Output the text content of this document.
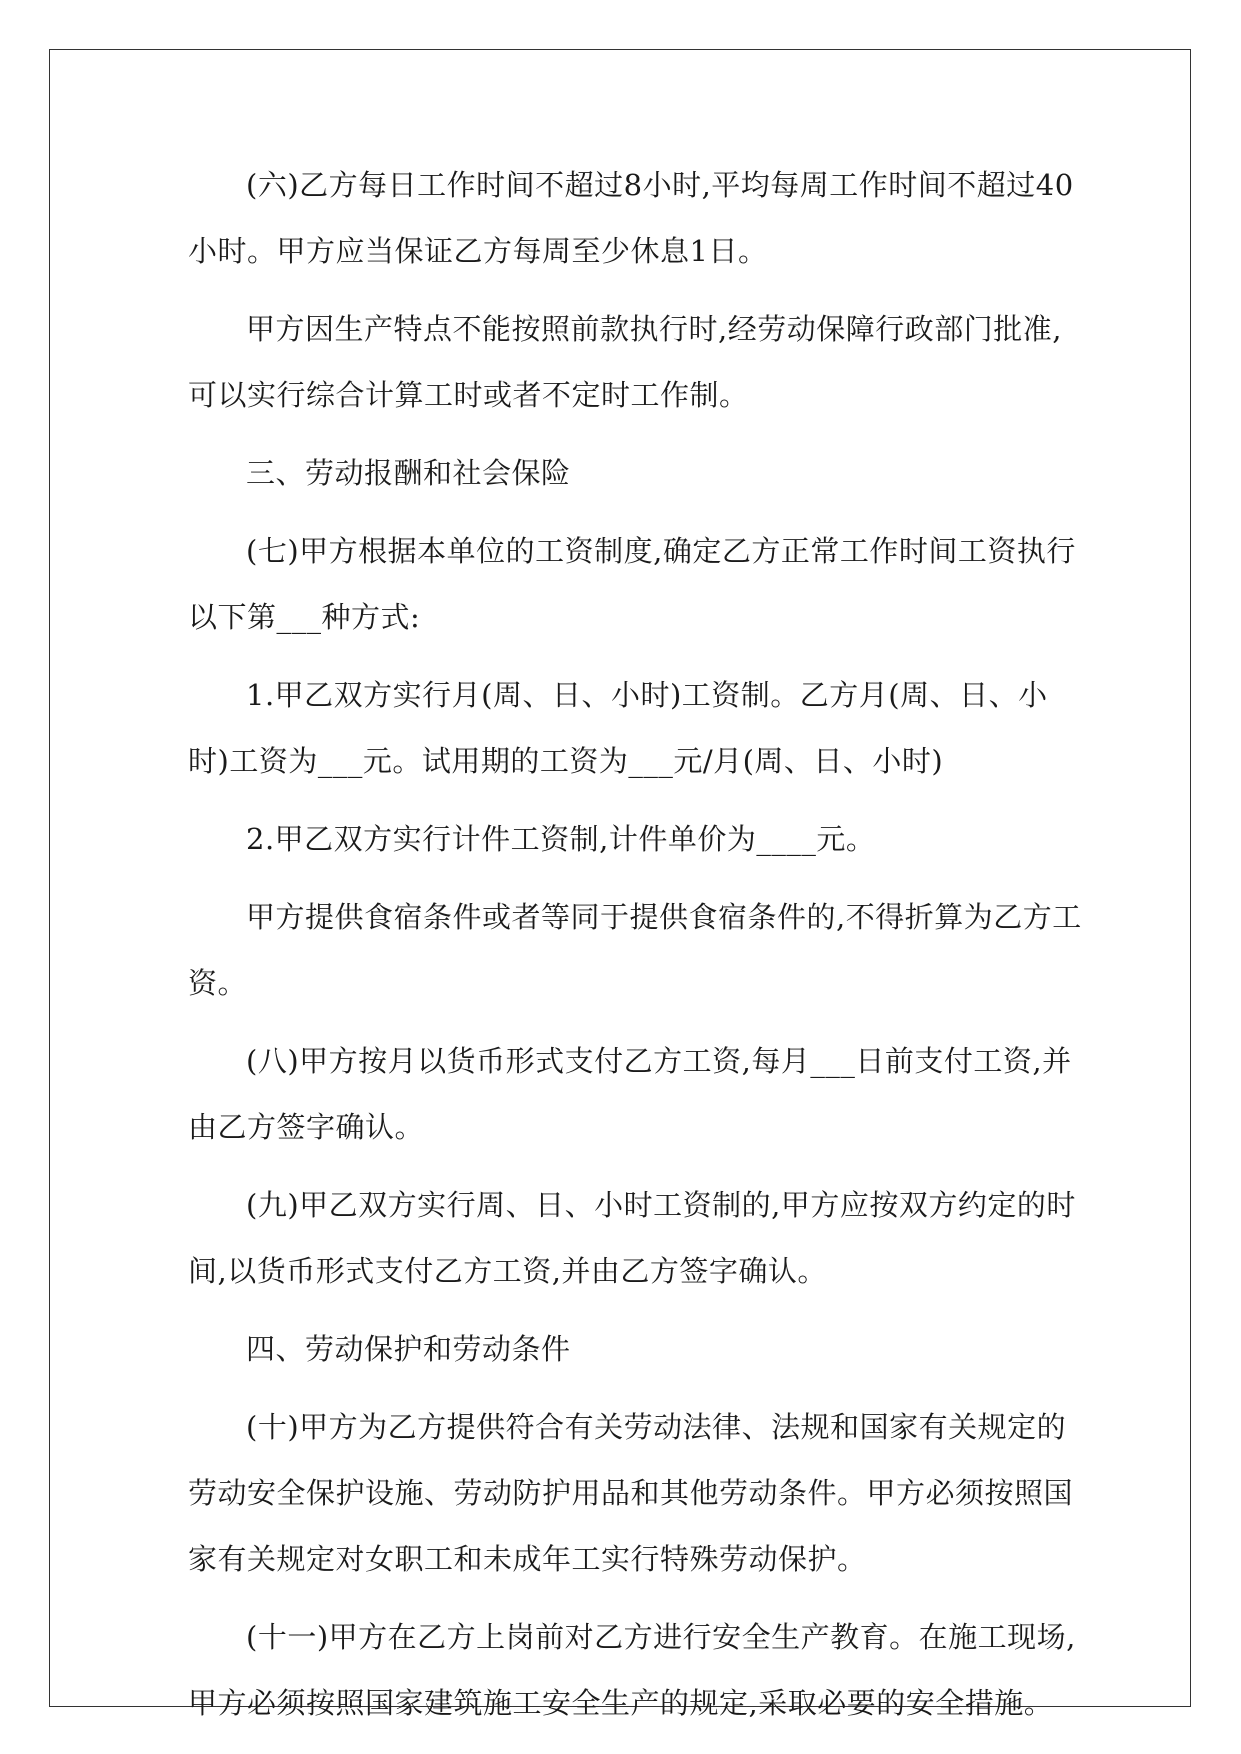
(六)乙方每日工作时间不超过8小时,平均每周工作时间不超过40小时。甲方应当保证乙方每周至少休息1日。

甲方因生产特点不能按照前款执行时,经劳动保障行政部门批准,可以实行综合计算工时或者不定时工作制。

三、劳动报酬和社会保险

(七)甲方根据本单位的工资制度,确定乙方正常工作时间工资执行以下第___种方式:

1.甲乙双方实行月(周、日、小时)工资制。乙方月(周、日、小时)工资为___元。试用期的工资为___元/月(周、日、小时)

2.甲乙双方实行计件工资制,计件单价为____元。

甲方提供食宿条件或者等同于提供食宿条件的,不得折算为乙方工资。

(八)甲方按月以货币形式支付乙方工资,每月___日前支付工资,并由乙方签字确认。

(九)甲乙双方实行周、日、小时工资制的,甲方应按双方约定的时间,以货币形式支付乙方工资,并由乙方签字确认。

四、劳动保护和劳动条件

(十)甲方为乙方提供符合有关劳动法律、法规和国家有关规定的劳动安全保护设施、劳动防护用品和其他劳动条件。甲方必须按照国家有关规定对女职工和未成年工实行特殊劳动保护。

(十一)甲方在乙方上岗前对乙方进行安全生产教育。在施工现场,甲方必须按照国家建筑施工安全生产的规定,采取必要的安全措施。
